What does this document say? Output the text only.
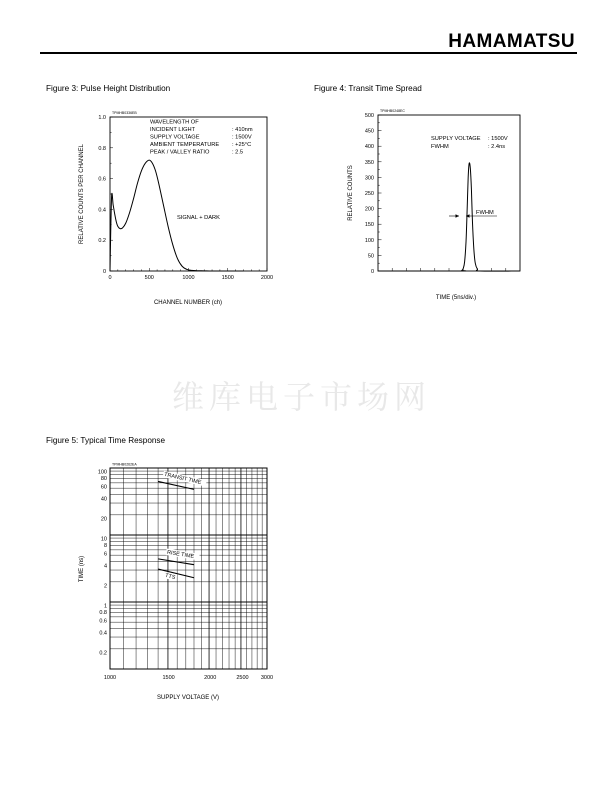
HAMAMATSU
Figure 3: Pulse Height Distribution	Figure 4: Transit Time Spread
Figure 5: Typical Time Response
维库电子市场网
TPMHB0336EB
0
0.2
0.4
0.6
0.8
1.0
0	500	1000	1500	2000
CHANNEL NUMBER (ch)
RELATIVE COUNTS PER CHANNEL
WAVELENGTH OF
INCIDENT LIGHT	: 410nm
SUPPLY VOLTAGE	: 1500V
AMBIENT TEMPERATURE : +25°C
PEAK / VALLEY RATIO	: 2.5
SIGNAL + DARK
TPMHB0248EC
0
50
100
150
200
250
300
350
400
450
500
TIME (5ns/div.)
RELATIVE COUNTS
SUPPLY VOLTAGE : 1500V
FWHM	: 2.4ns
FWHM
TPMHB0262EA
0.2
0.4
0.6
0.8
1
2
4
6
8
10
20
40
60
80
100
1000	1500	2000	2500 3000
SUPPLY VOLTAGE (V)
TIME (ns)
TRANSIT TIME
RISE TIME
TTS
